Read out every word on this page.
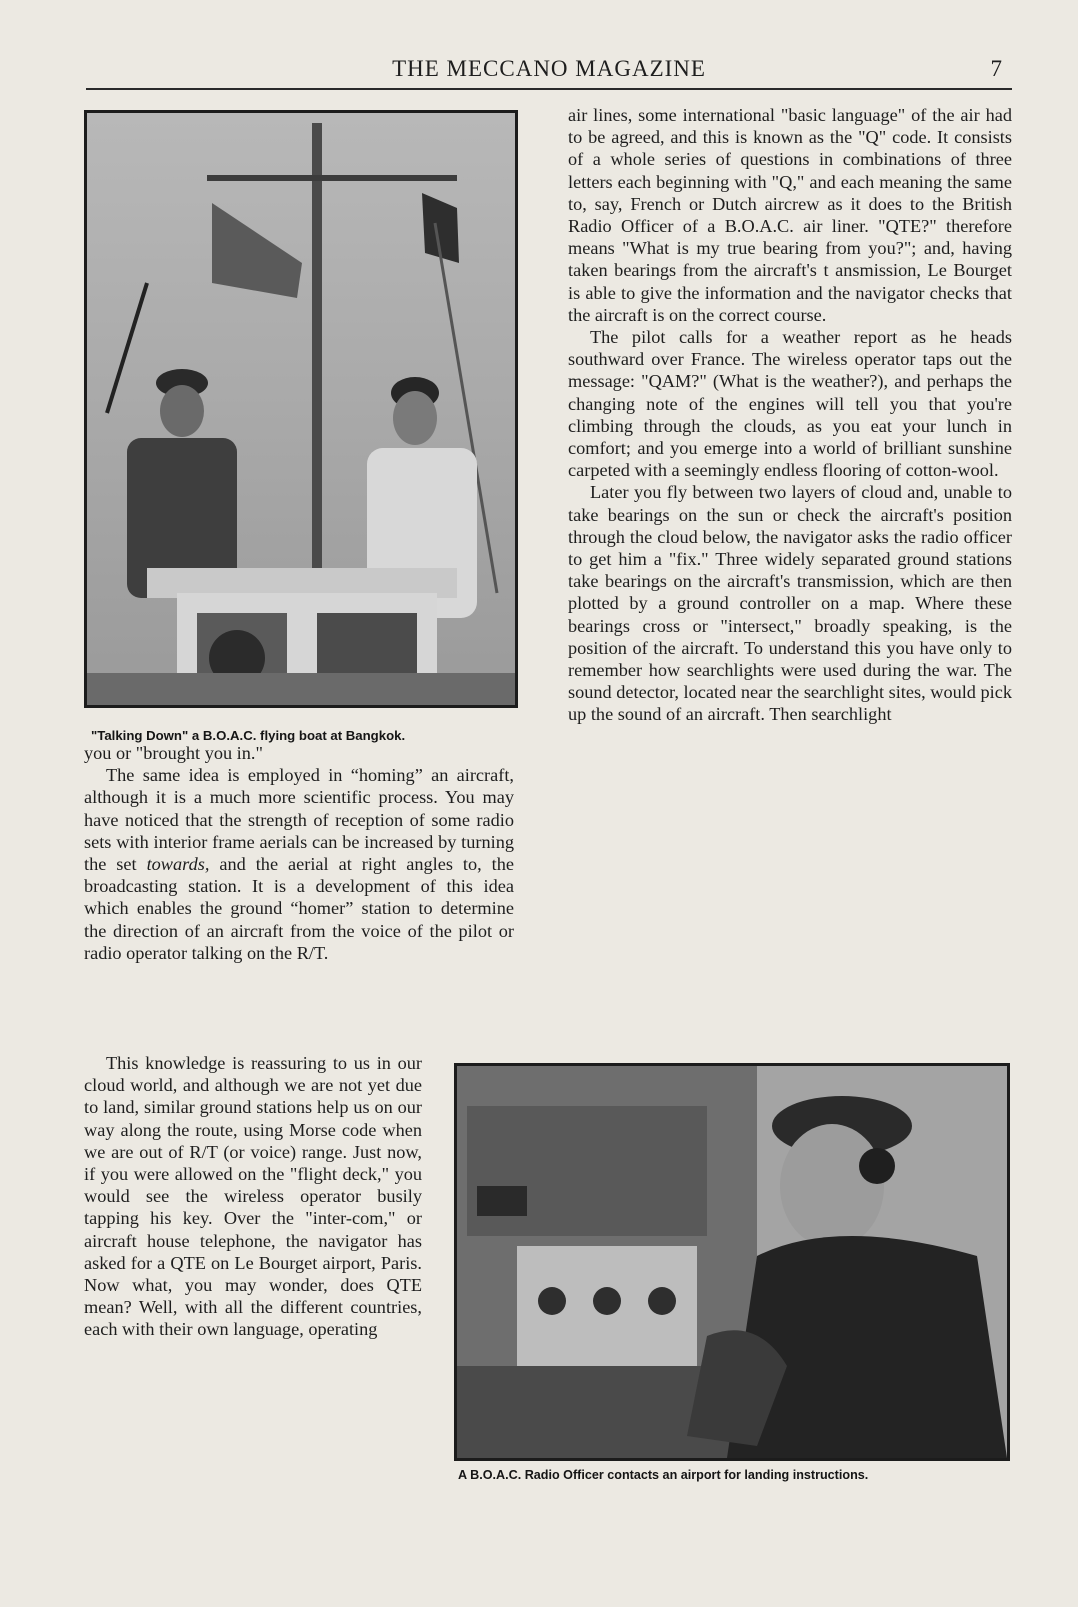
THE MECCANO MAGAZINE	7
"Talking Down" a B.O.A.C. flying boat at Bangkok.

you or "brought you in."

The same idea is employed in “homing” an aircraft, although it is a much more scientific process. You may have noticed that the strength of reception of some radio sets with interior frame aerials can be increased by turning the set towards, and the aerial at right angles to, the broadcasting station. It is a development of this idea which enables the ground “homer” station to determine the direction of an aircraft from the voice of the pilot or radio operator talking on the R/T.

This knowledge is reassuring to us in our cloud world, and although we are not yet due to land, similar ground stations help us on our way along the route, using Morse code when we are out of R/T (or voice) range. Just now, if you were allowed on the "flight deck," you would see the wireless operator busily tapping his key. Over the "inter-com," or aircraft house telephone, the navigator has asked for a QTE on Le Bourget airport, Paris. Now what, you may wonder, does QTE mean? Well, with all the different countries, each with their own language, operating

air lines, some international "basic language" of the air had to be agreed, and this is known as the "Q" code. It consists of a whole series of questions in combinations of three letters each beginning with "Q," and each meaning the same to, say, French or Dutch aircrew as it does to the British Radio Officer of a B.O.A.C. air liner. "QTE?" therefore means "What is my true bearing from you?"; and, having taken bearings from the aircraft's t ansmission, Le Bourget is able to give the information and the navigator checks that the aircraft is on the correct course.

The pilot calls for a weather report as he heads southward over France. The wireless operator taps out the message: "QAM?" (What is the weather?), and perhaps the changing note of the engines will tell you that you're climbing through the clouds, as you eat your lunch in comfort; and you emerge into a world of brilliant sunshine carpeted with a seemingly endless flooring of cotton-wool.

Later you fly between two layers of cloud and, unable to take bearings on the sun or check the aircraft's position through the cloud below, the navigator asks the radio officer to get him a "fix." Three widely separated ground stations take bearings on the aircraft's transmission, which are then plotted by a ground controller on a map. Where these bearings cross or "intersect," broadly speaking, is the position of the aircraft. To understand this you have only to remember how searchlights were used during the war. The sound detector, located near the searchlight sites, would pick up the sound of an aircraft. Then searchlight

A B.O.A.C. Radio Officer contacts an airport for landing instructions.
